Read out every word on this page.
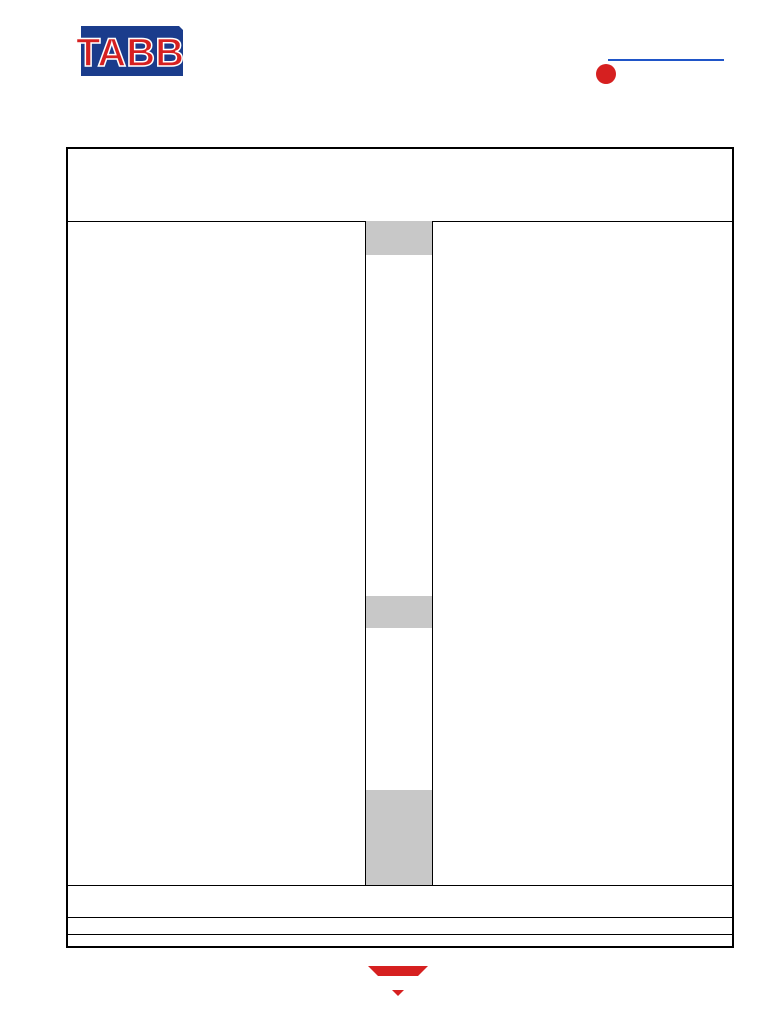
TABB
